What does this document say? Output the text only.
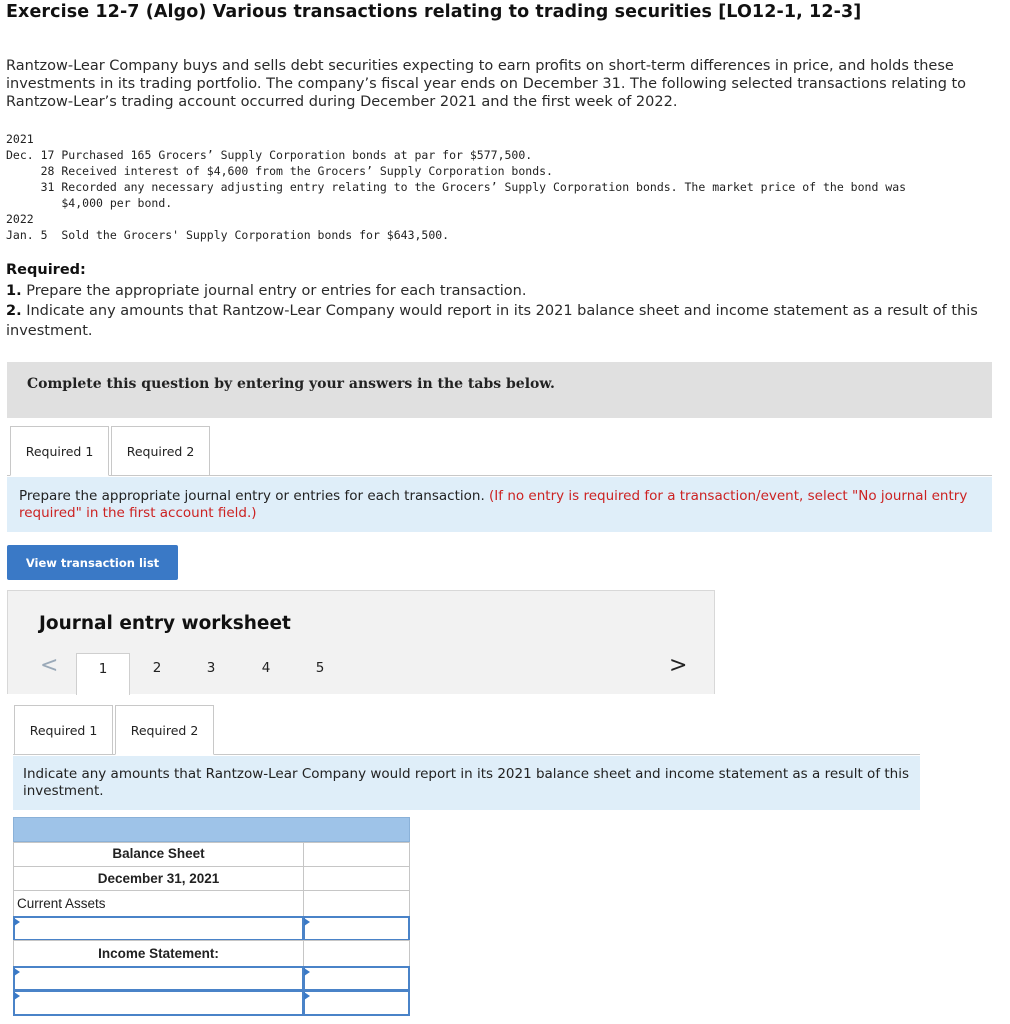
Exercise 12-7 (Algo) Various transactions relating to trading securities [LO12-1, 12-3]
Rantzow-Lear Company buys and sells debt securities expecting to earn profits on short-term differences in price, and holds these investments in its trading portfolio. The company’s fiscal year ends on December 31. The following selected transactions relating to Rantzow-Lear’s trading account occurred during December 2021 and the first week of 2022.
2021
Dec. 17 Purchased 165 Grocers’ Supply Corporation bonds at par for $577,500.
28 Received interest of $4,600 from the Grocers’ Supply Corporation bonds.
31 Recorded any necessary adjusting entry relating to the Grocers’ Supply Corporation bonds. The market price of the bond was
$4,000 per bond.
2022
Jan. 5  Sold the Grocers' Supply Corporation bonds for $643,500.
Required:
1. Prepare the appropriate journal entry or entries for each transaction.
2. Indicate any amounts that Rantzow-Lear Company would report in its 2021 balance sheet and income statement as a result of this
investment.
Complete this question by entering your answers in the tabs below.
Required 1	Required 2
Prepare the appropriate journal entry or entries for each transaction. (If no entry is required for a transaction/event, select "No journal entry required" in the first account field.)
View transaction list
Journal entry worksheet
<	1	2	3	4	5	>
Required 1	Required 2
Indicate any amounts that Rantzow-Lear Company would report in its 2021 balance sheet and income statement as a result of this investment.
Balance Sheet
December 31, 2021
Current Assets
Income Statement:
